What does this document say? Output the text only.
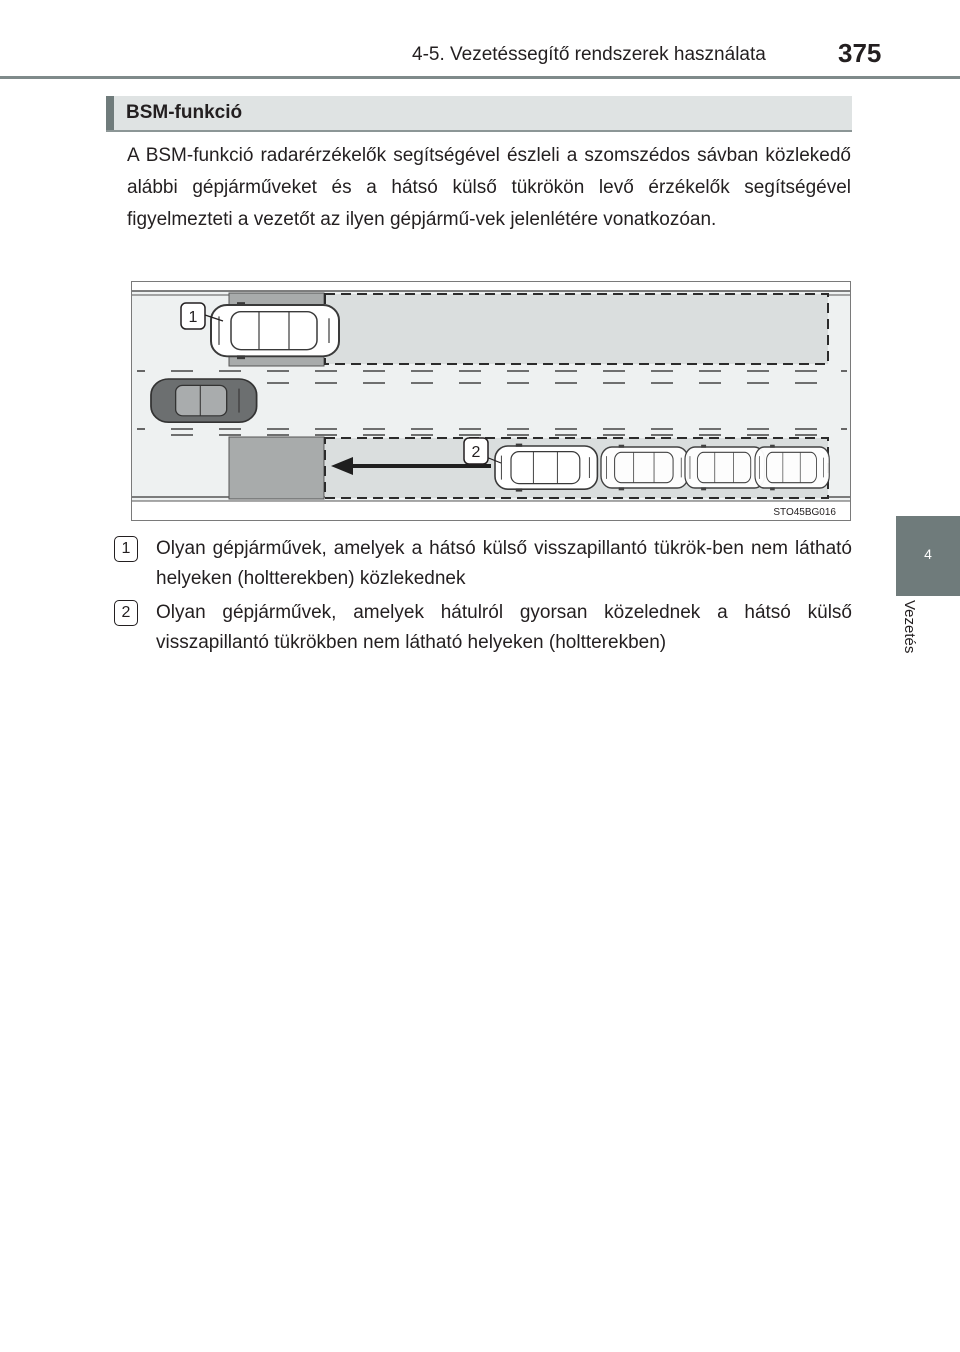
4-5. Vezetéssegítő rendszerek használata	375
4
Vezetés
BSM-funkció
A BSM-funkció radarérzékelők segítségével észleli a szomszédos sávban közlekedő alábbi gépjárműveket és a hátsó külső tükrökön levő érzékelők segítségével figyelmezteti a vezetőt az ilyen gépjármű-vek jelenlétére vonatkozóan.
1
2
STO45BG016
1	Olyan gépjárművek, amelyek a hátsó külső visszapillantó tükrök-ben nem látható helyeken (holtterekben) közlekednek
2	Olyan gépjárművek, amelyek hátulról gyorsan közelednek a hátsó külső visszapillantó tükrökben nem látható helyeken (holtterekben)
